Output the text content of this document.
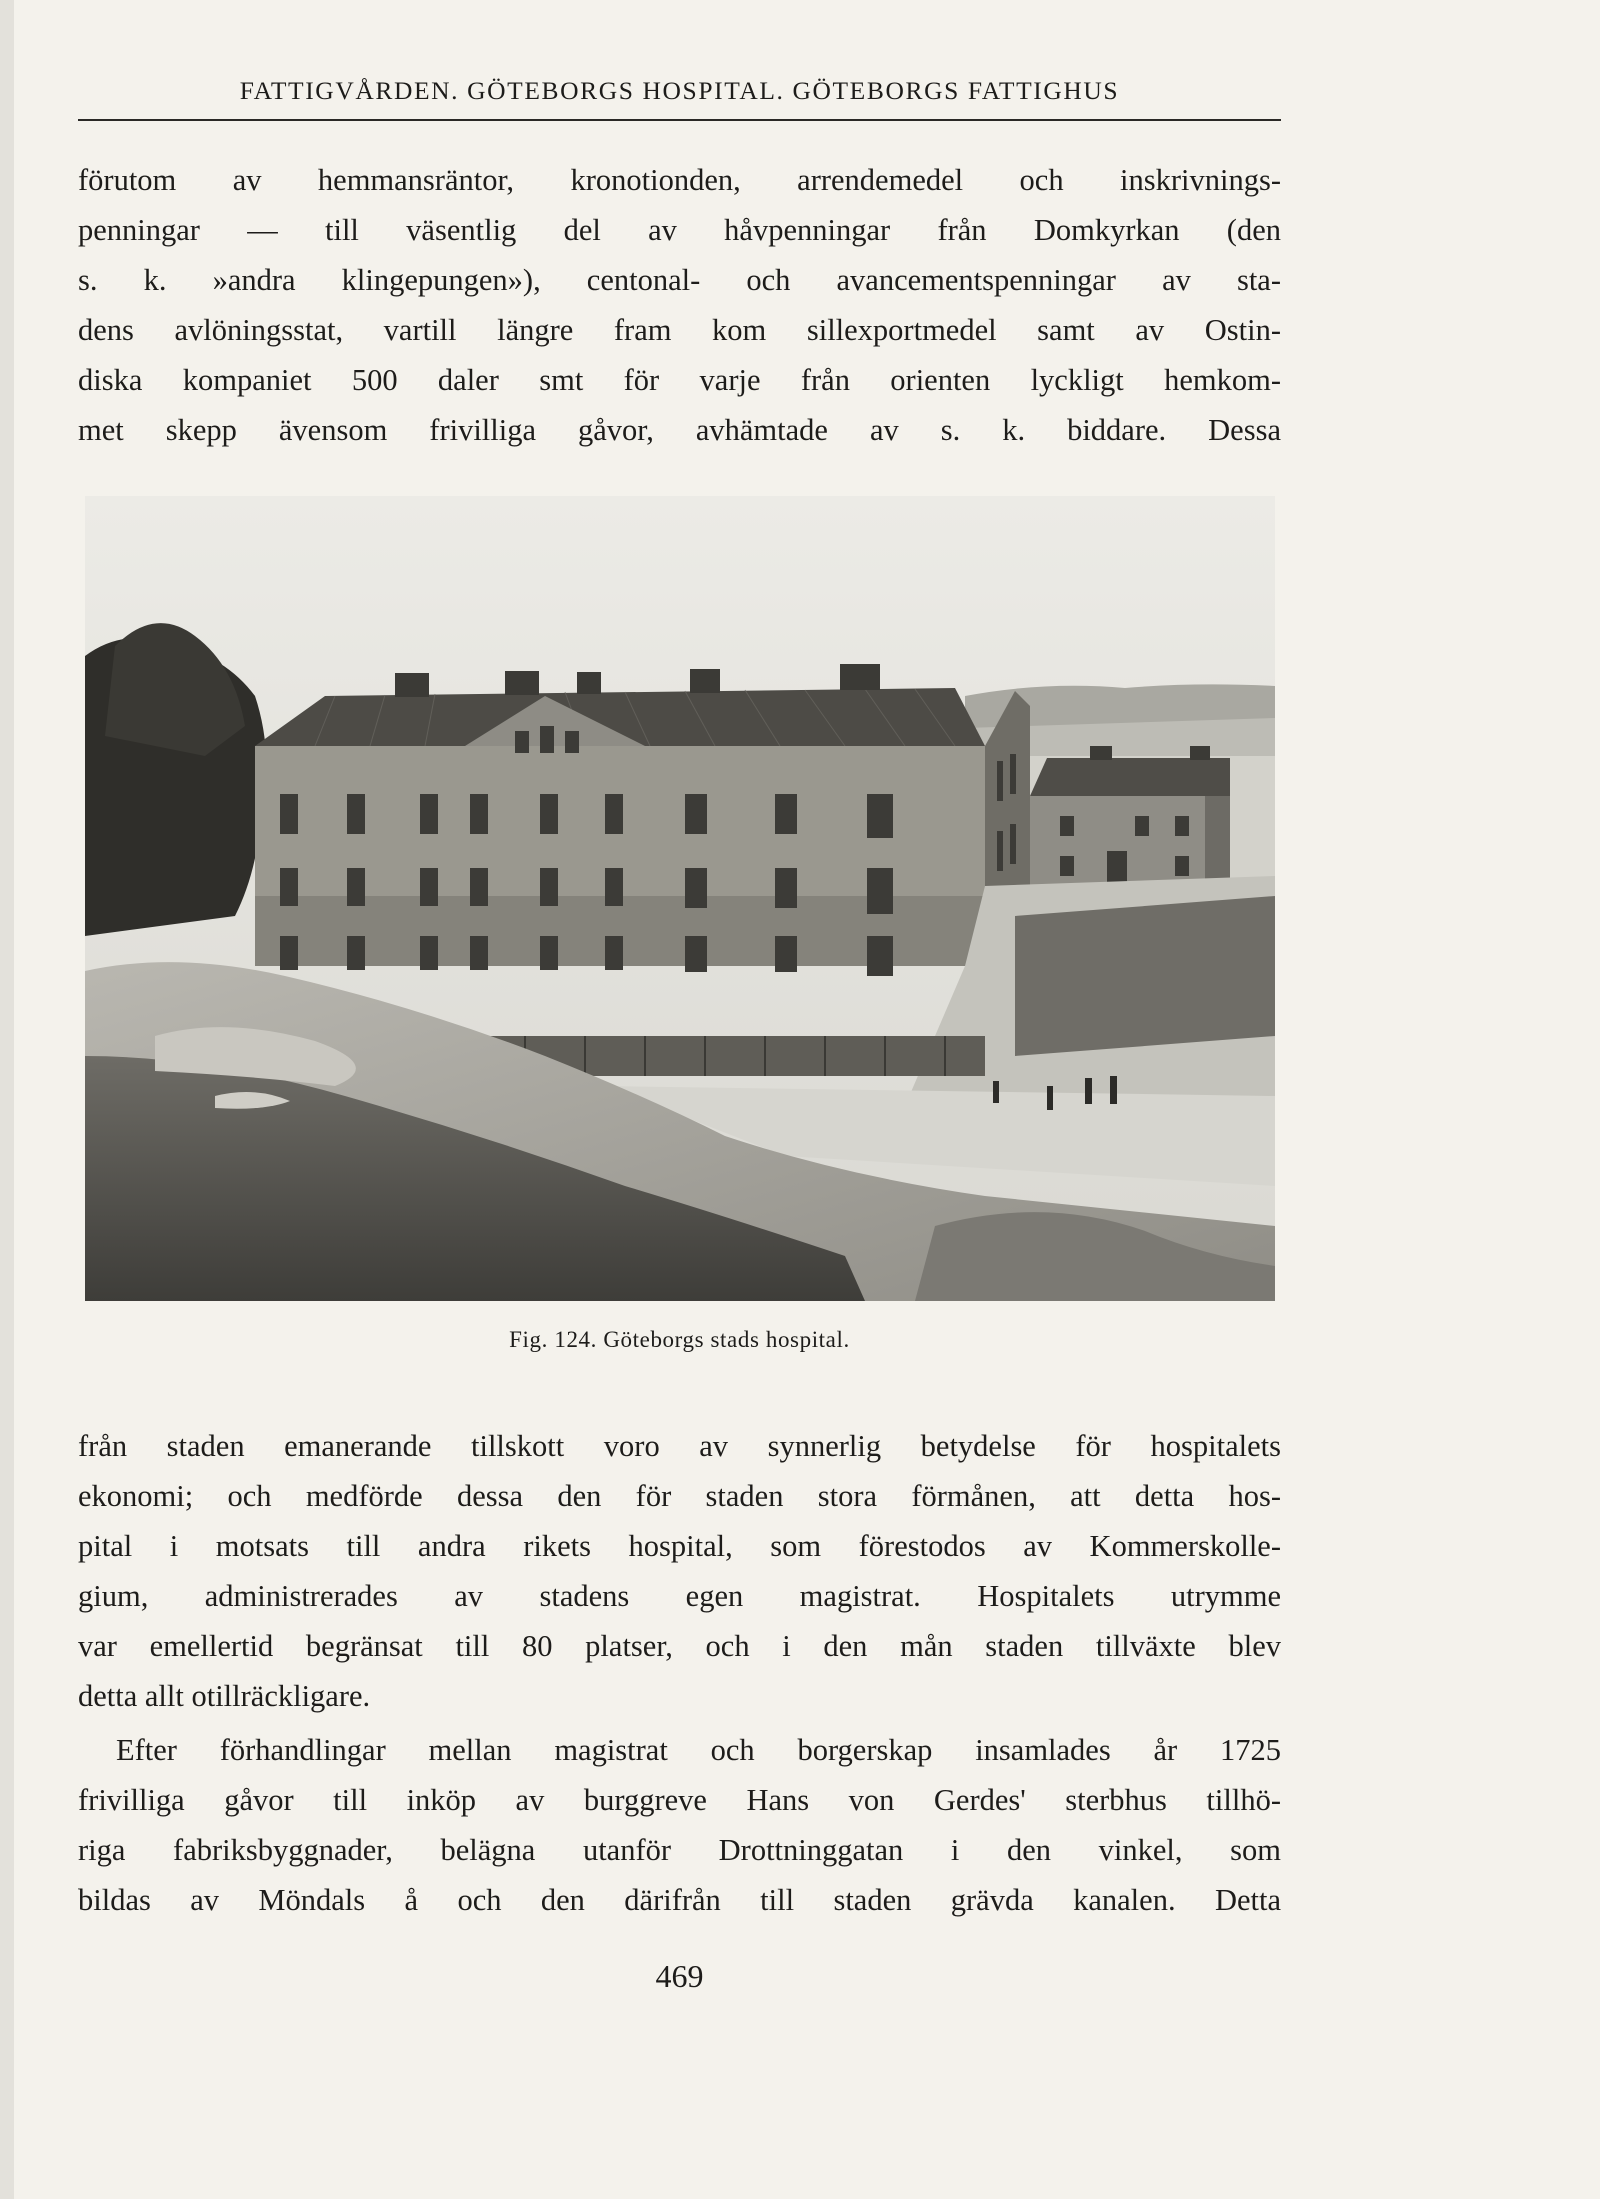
FATTIGVÅRDEN. GÖTEBORGS HOSPITAL. GÖTEBORGS FATTIGHUS

förutom av hemmansräntor, kronotionden, arrendemedel och inskrivnings-
penningar — till väsentlig del av håvpenningar från Domkyrkan (den
s. k. »andra klingepungen»), centonal- och avancementspenningar av sta-
dens avlöningsstat, vartill längre fram kom sillexportmedel samt av Ostin-
diska kompaniet 500 daler smt för varje från orienten lyckligt hemkom-
met skepp ävensom frivilliga gåvor, avhämtade av s. k. biddare. Dessa

Fig. 124. Göteborgs stads hospital.

från staden emanerande tillskott voro av synnerlig betydelse för hospitalets
ekonomi; och medförde dessa den för staden stora förmånen, att detta hos-
pital i motsats till andra rikets hospital, som förestodos av Kommerskolle-
gium, administrerades av stadens egen magistrat. Hospitalets utrymme
var emellertid begränsat till 80 platser, och i den mån staden tillväxte blev
detta allt otillräckligare.

Efter förhandlingar mellan magistrat och borgerskap insamlades år 1725
frivilliga gåvor till inköp av burggreve Hans von Gerdes' sterbhus tillhö-
riga fabriksbyggnader, belägna utanför Drottninggatan i den vinkel, som
bildas av Möndals å och den därifrån till staden grävda kanalen. Detta

469
